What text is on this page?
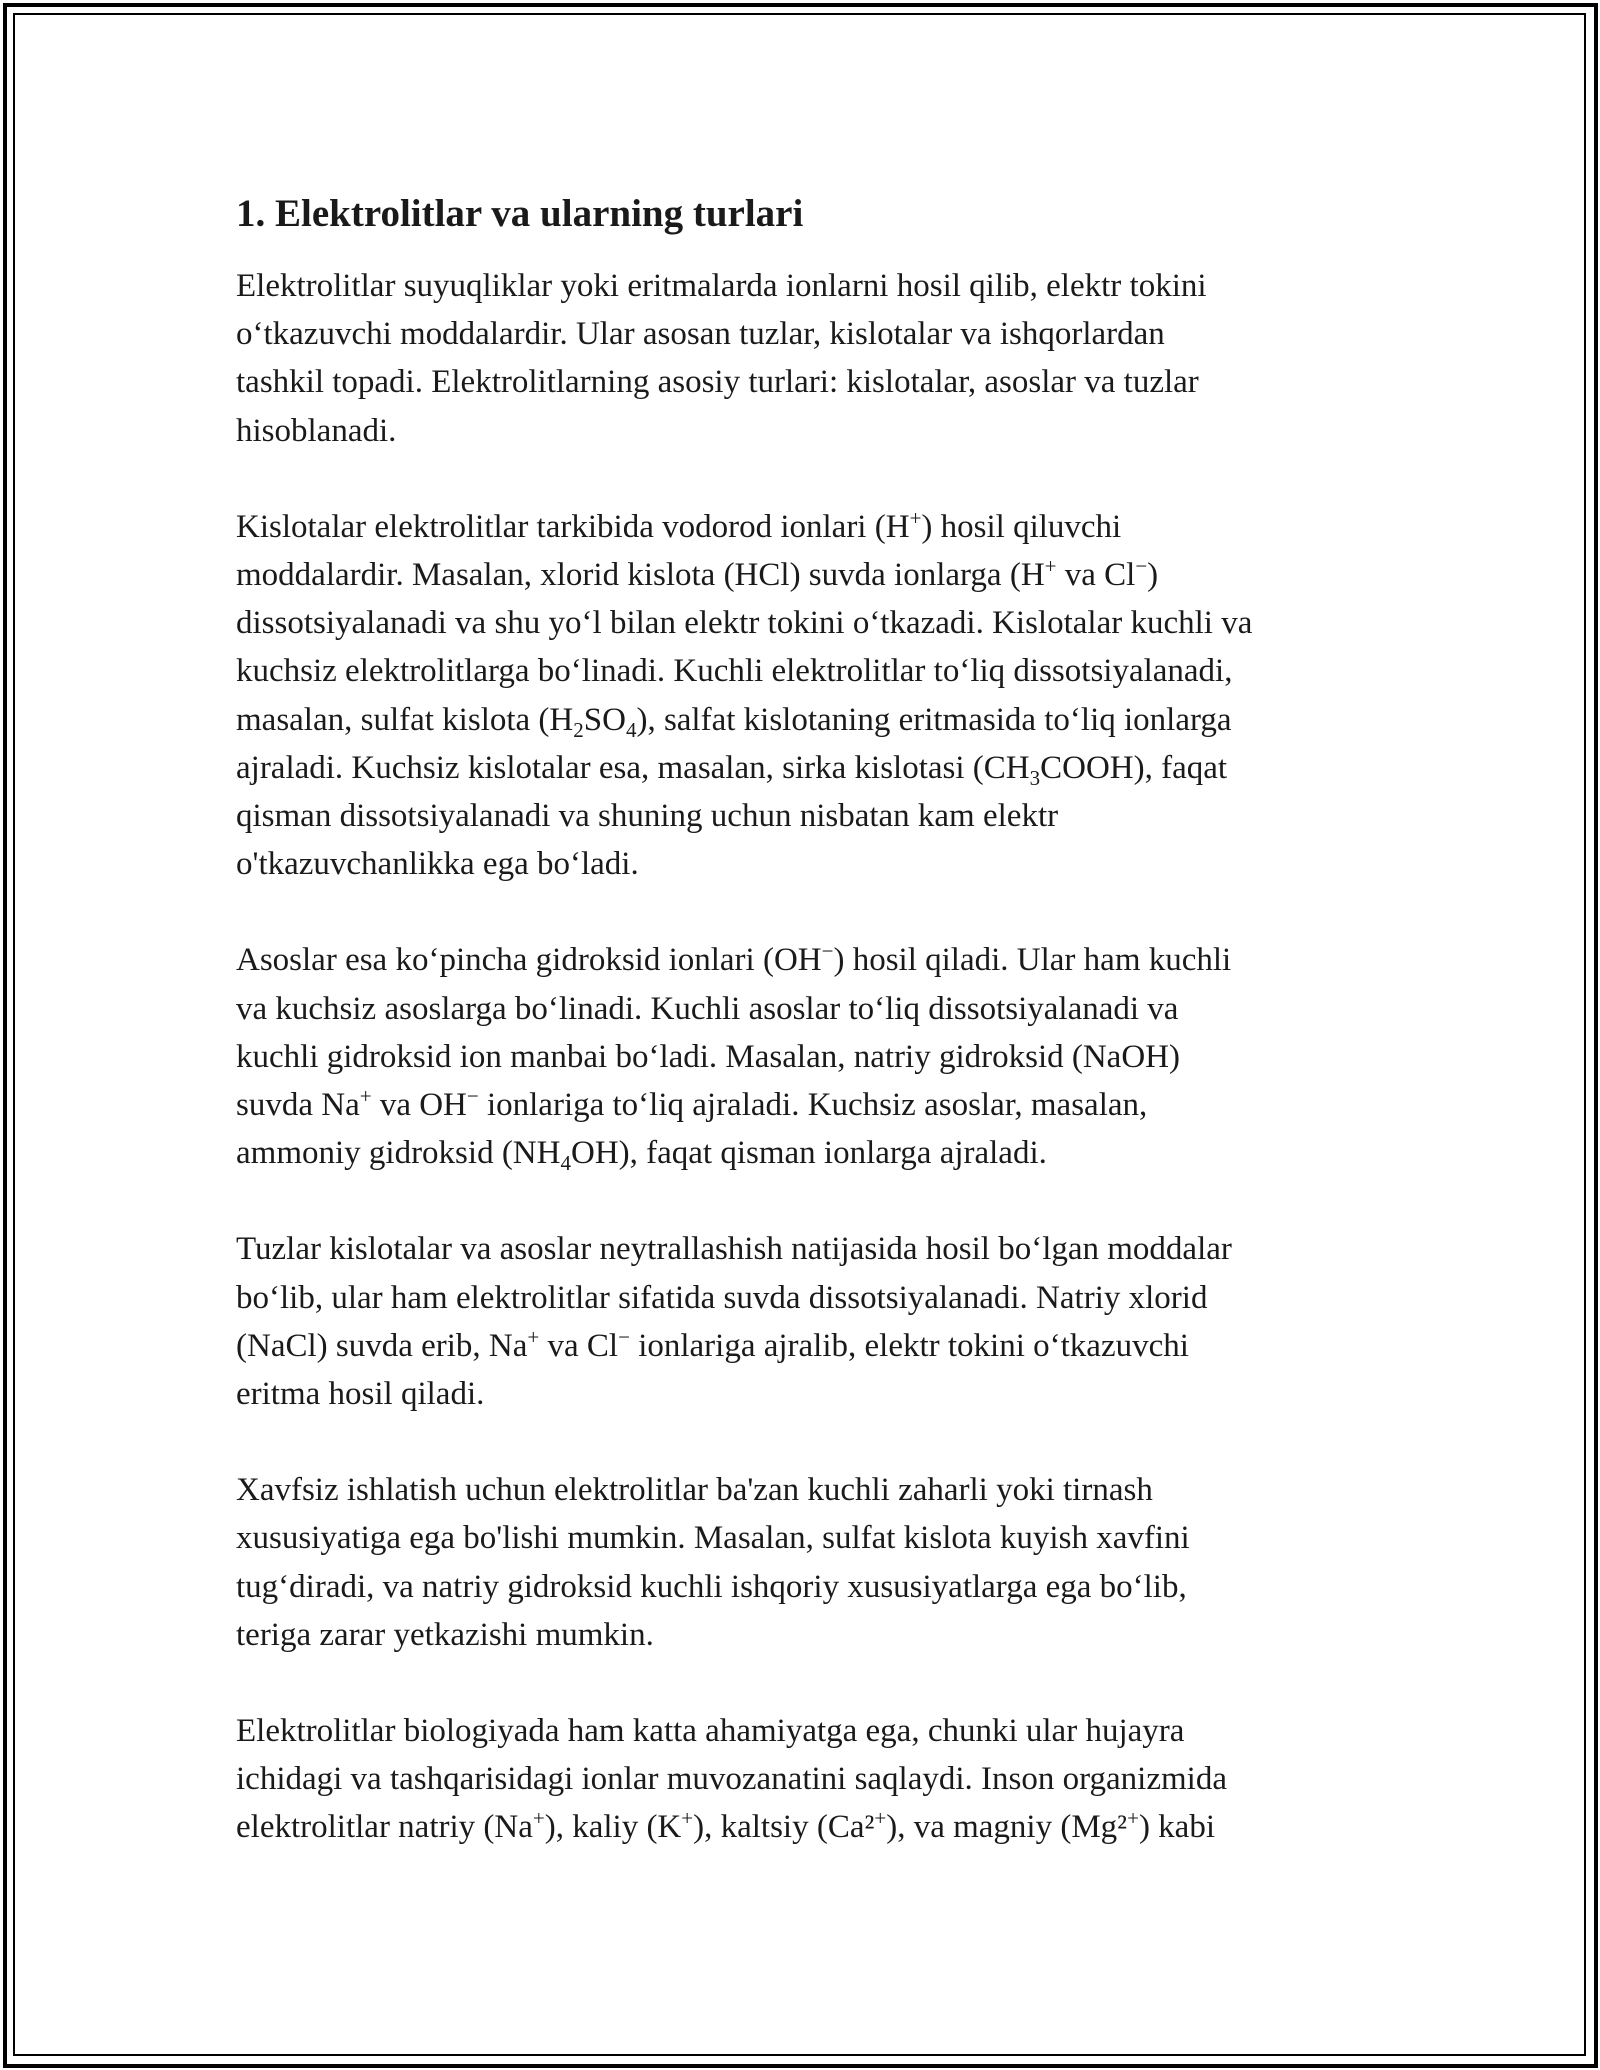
1. Elektrolitlar va ularning turlari

Elektrolitlar suyuqliklar yoki eritmalarda ionlarni hosil qilib, elektr tokini
o‘tkazuvchi moddalardir. Ular asosan tuzlar, kislotalar va ishqorlardan
tashkil topadi. Elektrolitlarning asosiy turlari: kislotalar, asoslar va tuzlar
hisoblanadi.

Kislotalar elektrolitlar tarkibida vodorod ionlari (H+) hosil qiluvchi
moddalardir. Masalan, xlorid kislota (HCl) suvda ionlarga (H+ va Cl−)
dissotsiyalanadi va shu yo‘l bilan elektr tokini o‘tkazadi. Kislotalar kuchli va
kuchsiz elektrolitlarga bo‘linadi. Kuchli elektrolitlar to‘liq dissotsiyalanadi,
masalan, sulfat kislota $(H_2SO_4)$, salfat kislotaning eritmasida to‘liq ionlarga
ajraladi. Kuchsiz kislotalar esa, masalan, sirka kislotasi $(CH_3COOH)$, faqat
qisman dissotsiyalanadi va shuning uchun nisbatan kam elektr
o'tkazuvchanlikka ega bo‘ladi.

Asoslar esa ko‘pincha gidroksid ionlari (OH−) hosil qiladi. Ular ham kuchli
va kuchsiz asoslarga bo‘linadi. Kuchli asoslar to‘liq dissotsiyalanadi va
kuchli gidroksid ion manbai bo‘ladi. Masalan, natriy gidroksid (NaOH)
suvda Na+ va OH− ionlariga to‘liq ajraladi. Kuchsiz asoslar, masalan,
ammoniy gidroksid $(NH_4OH)$, faqat qisman ionlarga ajraladi.

Tuzlar kislotalar va asoslar neytrallashish natijasida hosil bo‘lgan moddalar
bo‘lib, ular ham elektrolitlar sifatida suvda dissotsiyalanadi. Natriy xlorid
(NaCl) suvda erib, Na+ va Cl− ionlariga ajralib, elektr tokini o‘tkazuvchi
eritma hosil qiladi.

Xavfsiz ishlatish uchun elektrolitlar ba'zan kuchli zaharli yoki tirnash
xususiyatiga ega bo'lishi mumkin. Masalan, sulfat kislota kuyish xavfini
tug‘diradi, va natriy gidroksid kuchli ishqoriy xususiyatlarga ega bo‘lib,
teriga zarar yetkazishi mumkin.

Elektrolitlar biologiyada ham katta ahamiyatga ega, chunki ular hujayra
ichidagi va tashqarisidagi ionlar muvozanatini saqlaydi. Inson organizmida
elektrolitlar natriy (Na+), kaliy (K+), kaltsiy (Ca²+), va magniy (Mg²+) kabi
